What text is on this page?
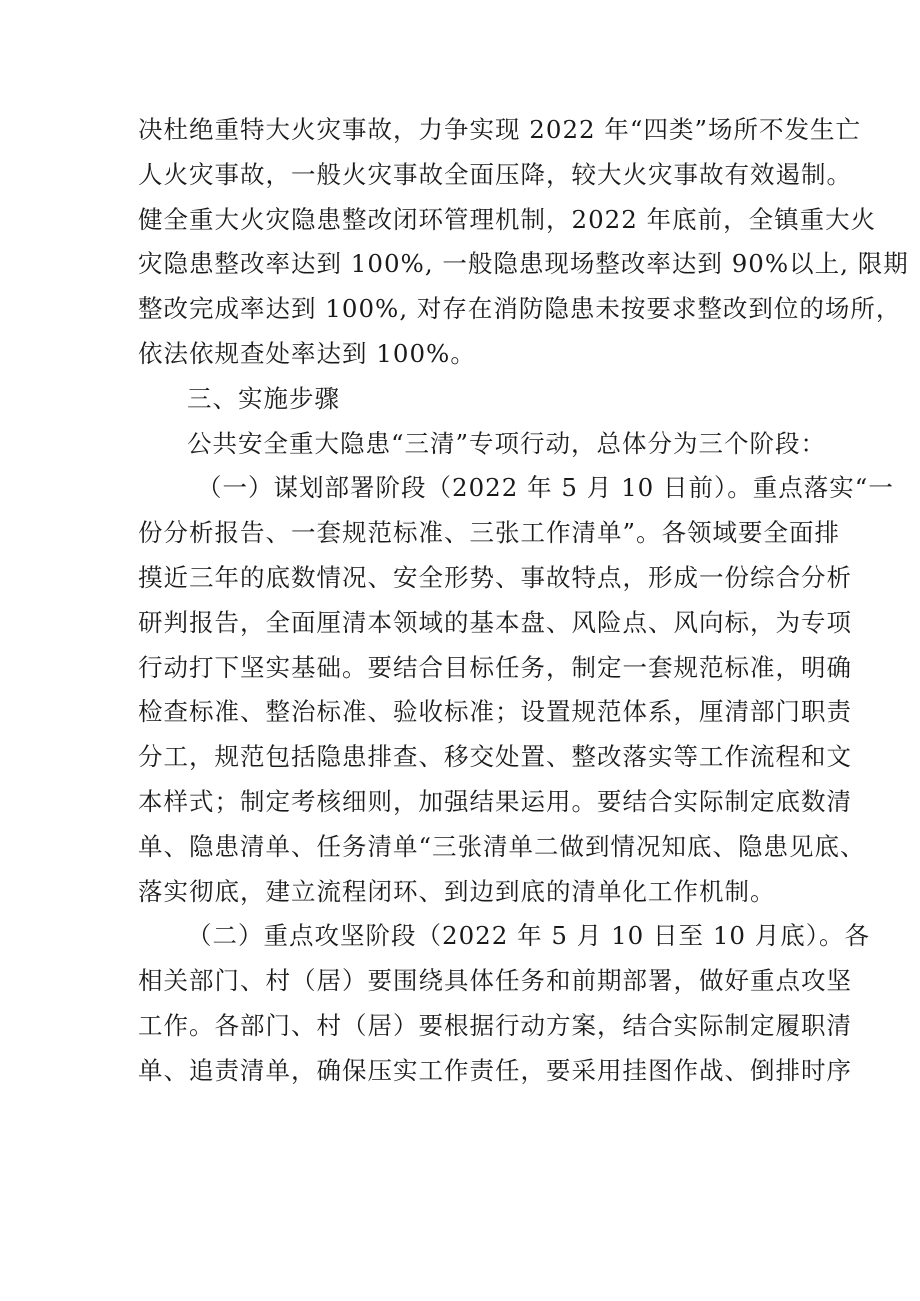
决杜绝重特大火灾事故，力争实现 2022 年“四类”场所不发生亡
人火灾事故，一般火灾事故全面压降，较大火灾事故有效遏制。
健全重大火灾隐患整改闭环管理机制，2022 年底前，全镇重大火
灾隐患整改率达到 100%, 一般隐患现场整改率达到 90%以上, 限期
整改完成率达到 100%, 对存在消防隐患未按要求整改到位的场所，
依法依规查处率达到 100%。
三、实施步骤
公共安全重大隐患“三清”专项行动，总体分为三个阶段：
（一）谋划部署阶段（2022 年 5 月 10 日前）。重点落实“一
份分析报告、一套规范标准、三张工作清单”。各领域要全面排
摸近三年的底数情况、安全形势、事故特点，形成一份综合分析
研判报告，全面厘清本领域的基本盘、风险点、风向标，为专项
行动打下坚实基础。要结合目标任务，制定一套规范标准，明确
检查标准、整治标准、验收标准；设置规范体系，厘清部门职责
分工，规范包括隐患排查、移交处置、整改落实等工作流程和文
本样式；制定考核细则，加强结果运用。要结合实际制定底数清
单、隐患清单、任务清单“三张清单二做到情况知底、隐患见底、
落实彻底，建立流程闭环、到边到底的清单化工作机制。
（二）重点攻坚阶段（2022 年 5 月 10 日至 10 月底）。各
相关部门、村（居）要围绕具体任务和前期部署，做好重点攻坚
工作。各部门、村（居）要根据行动方案，结合实际制定履职清
单、追责清单，确保压实工作责任，要采用挂图作战、倒排时序
